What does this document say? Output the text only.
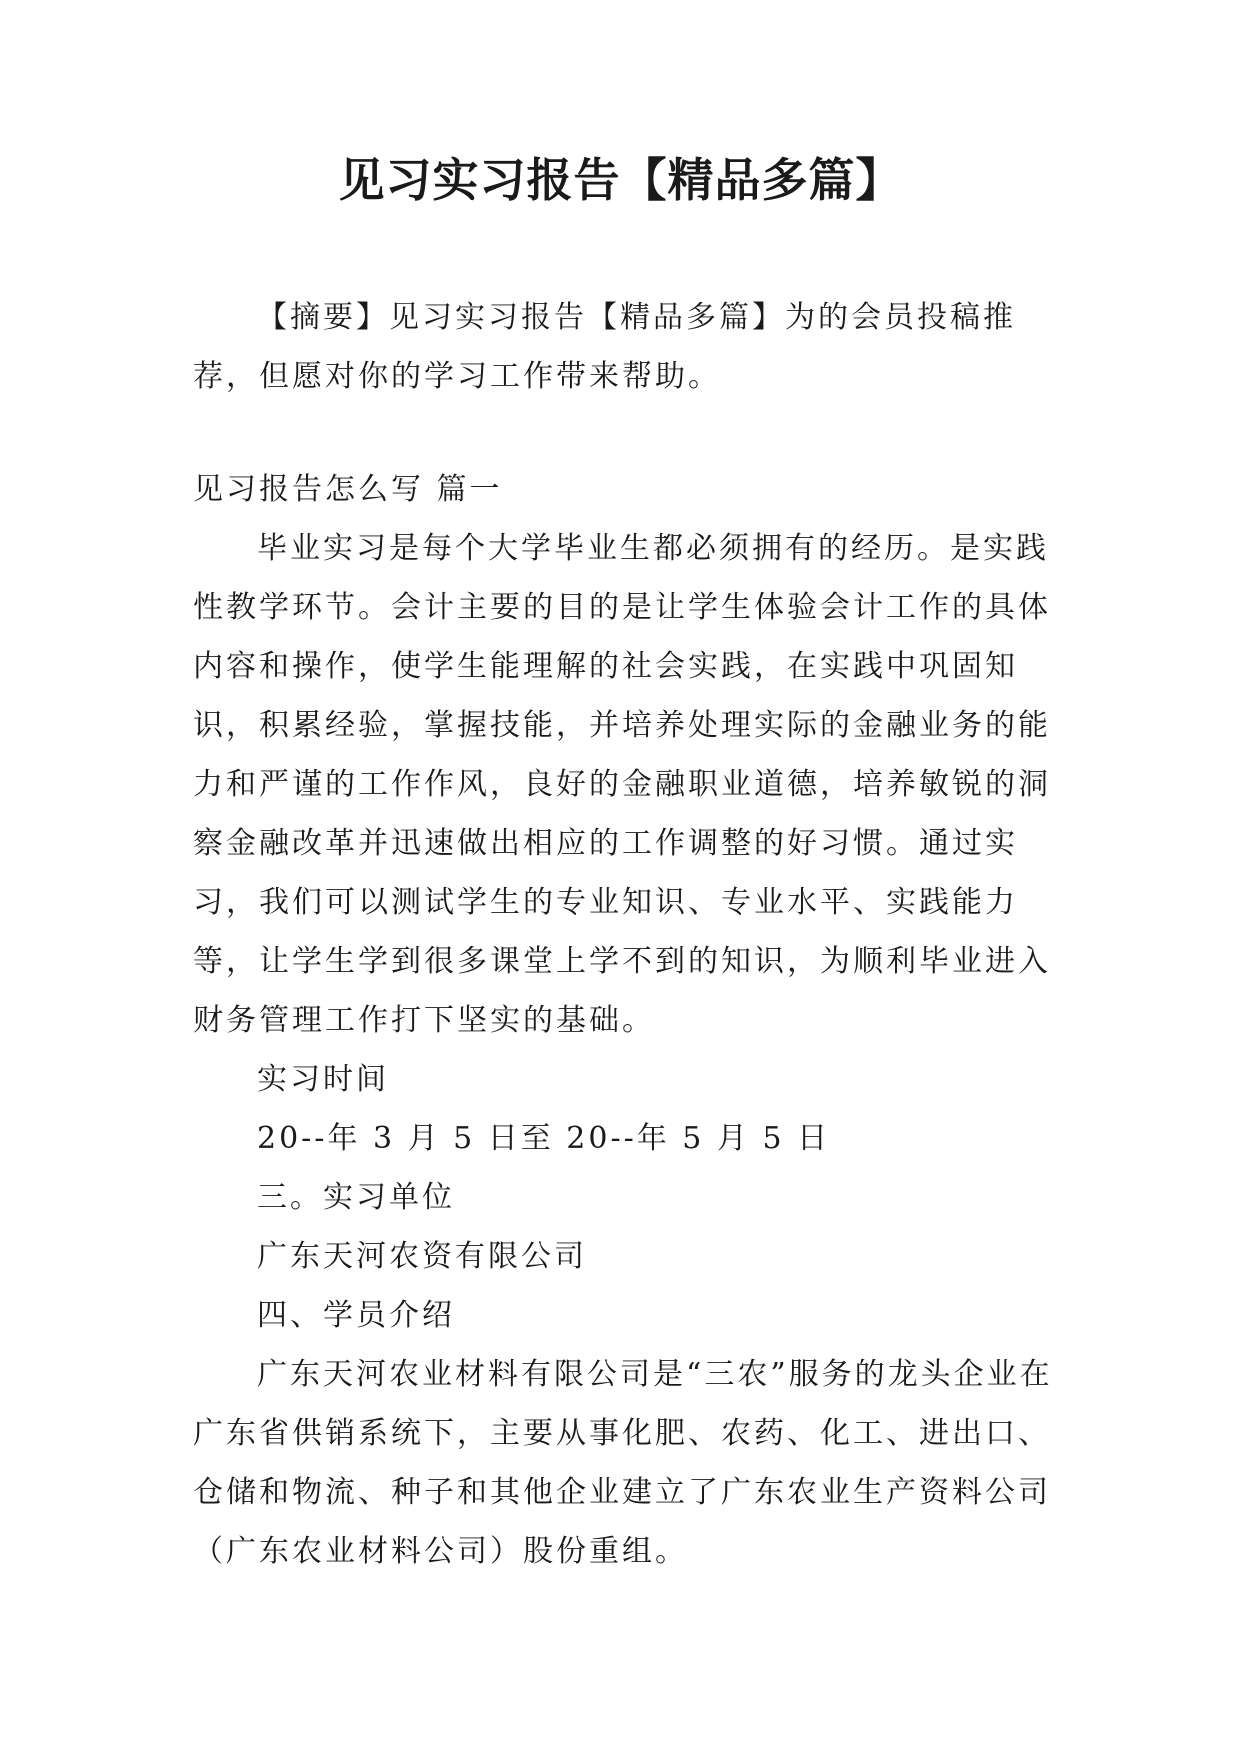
见习实习报告【精品多篇】

【摘要】见习实习报告【精品多篇】为的会员投稿推荐，但愿对你的学习工作带来帮助。

见习报告怎么写 篇一

毕业实习是每个大学毕业生都必须拥有的经历。是实践性教学环节。会计主要的目的是让学生体验会计工作的具体内容和操作，使学生能理解的社会实践，在实践中巩固知识，积累经验，掌握技能，并培养处理实际的金融业务的能力和严谨的工作作风，良好的金融职业道德，培养敏锐的洞察金融改革并迅速做出相应的工作调整的好习惯。通过实习，我们可以测试学生的专业知识、专业水平、实践能力等，让学生学到很多课堂上学不到的知识，为顺利毕业进入财务管理工作打下坚实的基础。

实习时间

20--年 3 月 5 日至 20--年 5 月 5 日

三。实习单位

广东天河农资有限公司

四、学员介绍

广东天河农业材料有限公司是“三农”服务的龙头企业在广东省供销系统下，主要从事化肥、农药、化工、进出口、仓储和物流、种子和其他企业建立了广东农业生产资料公司（广东农业材料公司）股份重组。
